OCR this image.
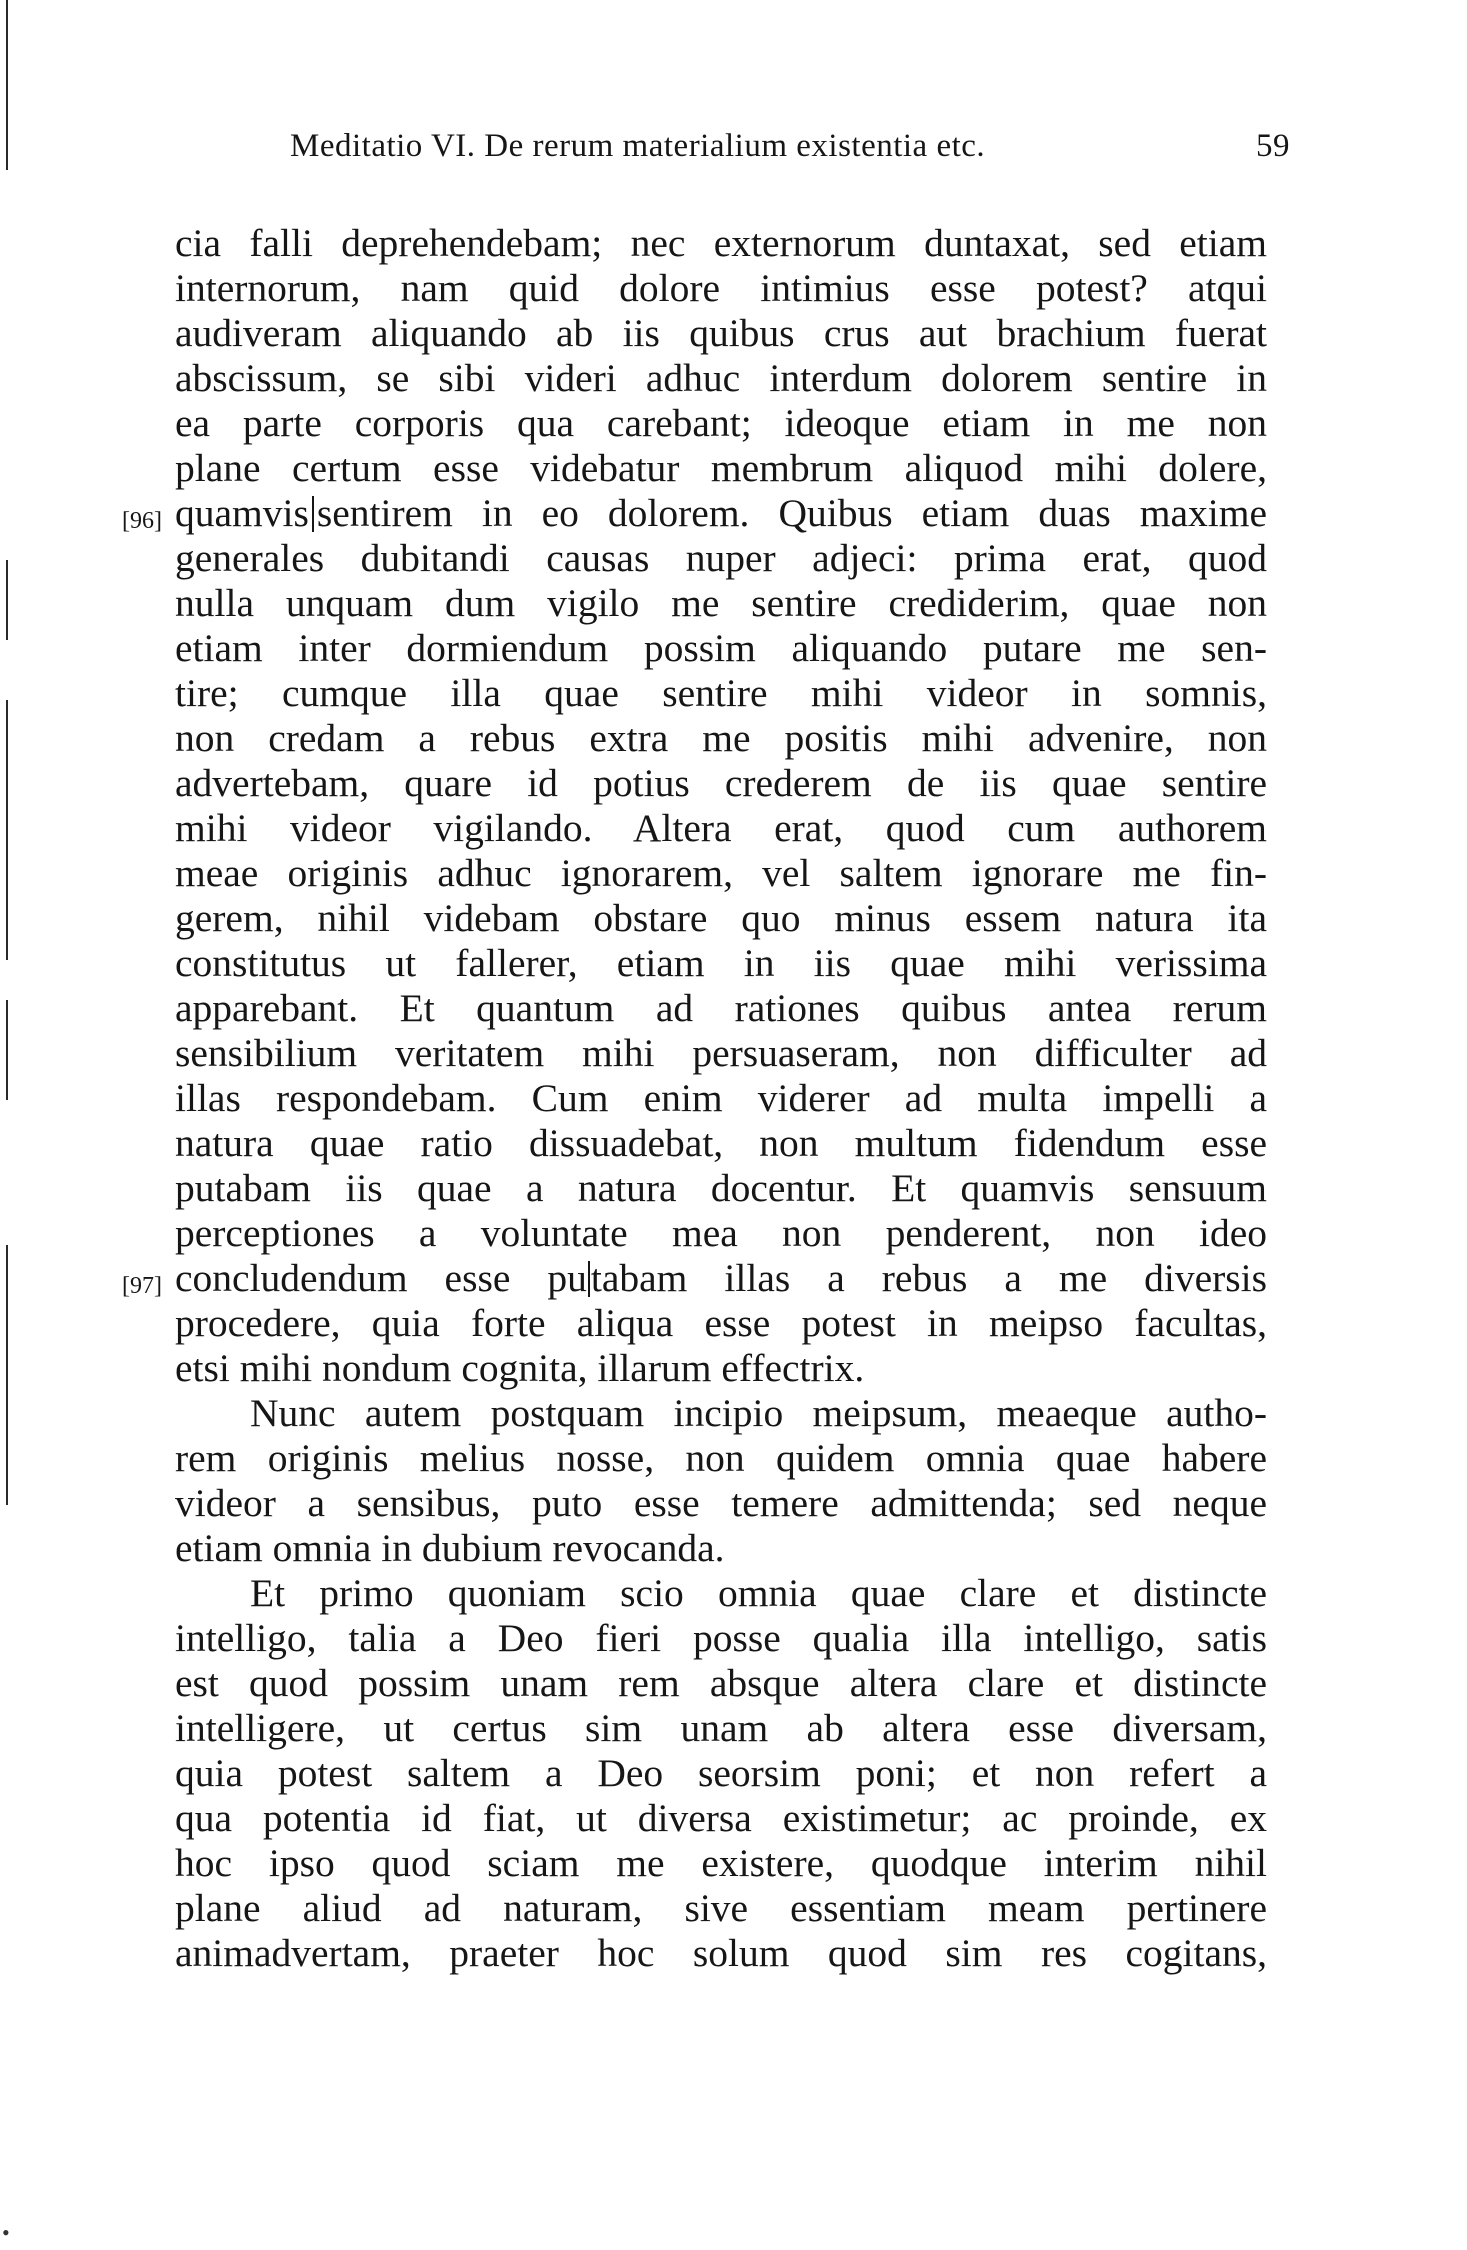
•
Meditatio VI. De rerum materialium existentia etc.	59
cia falli deprehendebam; nec externorum duntaxat, sed etiam
internorum, nam quid dolore intimius esse potest? atqui
audiveram aliquando ab iis quibus crus aut brachium fuerat
abscissum, se sibi videri adhuc interdum dolorem sentire in
ea parte corporis qua carebant; ideoque etiam in me non
plane certum esse videbatur membrum aliquod mihi dolere,
[96] quamvis sentirem in eo dolorem. Quibus etiam duas maxime
generales dubitandi causas nuper adjeci: prima erat, quod
nulla unquam dum vigilo me sentire crediderim, quae non
etiam inter dormiendum possim aliquando putare me sen-
tire; cumque illa quae sentire mihi videor in somnis,
non credam a rebus extra me positis mihi advenire, non
advertebam, quare id potius crederem de iis quae sentire
mihi videor vigilando. Altera erat, quod cum authorem
meae originis adhuc ignorarem, vel saltem ignorare me fin-
gerem, nihil videbam obstare quo minus essem natura ita
constitutus ut fallerer, etiam in iis quae mihi verissima
apparebant. Et quantum ad rationes quibus antea rerum
sensibilium veritatem mihi persuaseram, non difficulter ad
illas respondebam. Cum enim viderer ad multa impelli a
natura quae ratio dissuadebat, non multum fidendum esse
putabam iis quae a natura docentur. Et quamvis sensuum
perceptiones a voluntate mea non penderent, non ideo
[97] concludendum esse pu tabam illas a rebus a me diversis
procedere, quia forte aliqua esse potest in meipso facultas,
etsi mihi nondum cognita, illarum effectrix.
Nunc autem postquam incipio meipsum, meaeque autho-
rem originis melius nosse, non quidem omnia quae habere
videor a sensibus, puto esse temere admittenda; sed neque
etiam omnia in dubium revocanda.
Et primo quoniam scio omnia quae clare et distincte
intelligo, talia a Deo fieri posse qualia illa intelligo, satis
est quod possim unam rem absque altera clare et distincte
intelligere, ut certus sim unam ab altera esse diversam,
quia potest saltem a Deo seorsim poni; et non refert a
qua potentia id fiat, ut diversa existimetur; ac proinde, ex
hoc ipso quod sciam me existere, quodque interim nihil
plane aliud ad naturam, sive essentiam meam pertinere
animadvertam, praeter hoc solum quod sim res cogitans,
